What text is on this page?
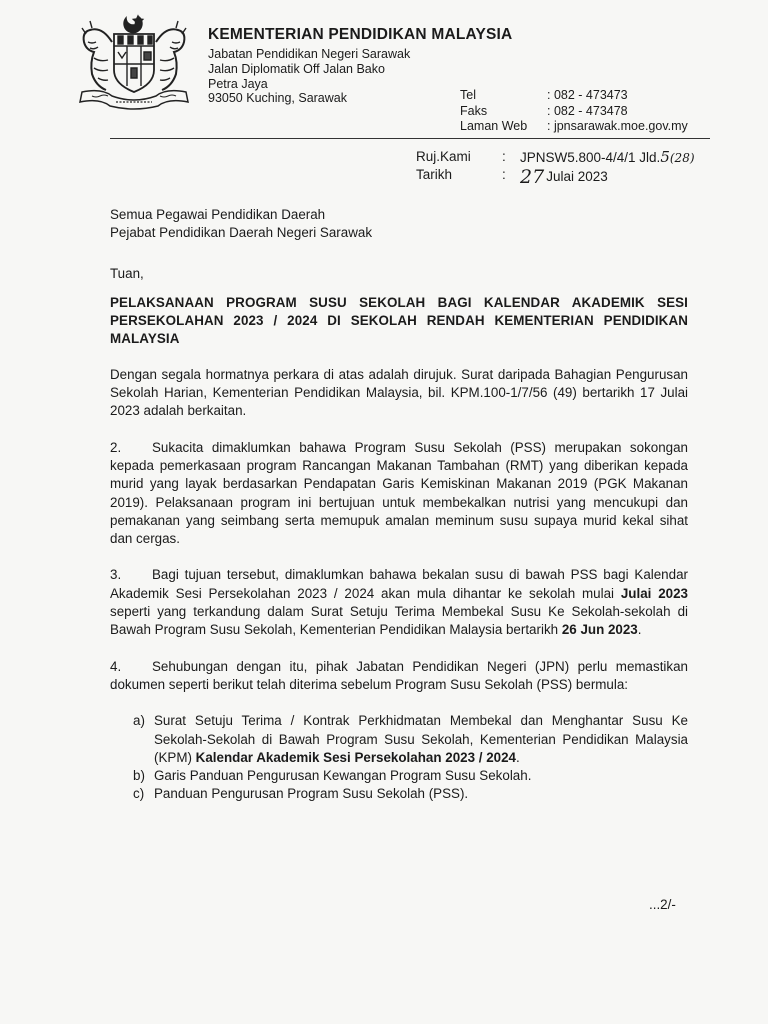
KEMENTERIAN PENDIDIKAN MALAYSIA
Jabatan Pendidikan Negeri Sarawak
Jalan Diplomatik Off Jalan Bako
Petra Jaya
93050 Kuching, Sarawak	Tel	: 082 - 473473
Faks	: 082 - 473478
Laman Web	: jpnsarawak.moe.gov.my
Ruj.Kami	:	JPNSW5.800-4/4/1 Jld.5(28)
Tarikh	: 27 Julai 2023

Semua Pegawai Pendidikan Daerah
Pejabat Pendidikan Daerah Negeri Sarawak

Tuan,

PELAKSANAAN PROGRAM SUSU SEKOLAH BAGI KALENDAR AKADEMIK SESI PERSEKOLAHAN 2023 / 2024 DI SEKOLAH RENDAH KEMENTERIAN PENDIDIKAN MALAYSIA

Dengan segala hormatnya perkara di atas adalah dirujuk. Surat daripada Bahagian Pengurusan Sekolah Harian, Kementerian Pendidikan Malaysia, bil. KPM.100-1/7/56 (49) bertarikh 17 Julai 2023 adalah berkaitan.

2. Sukacita dimaklumkan bahawa Program Susu Sekolah (PSS) merupakan sokongan kepada pemerkasaan program Rancangan Makanan Tambahan (RMT) yang diberikan kepada murid yang layak berdasarkan Pendapatan Garis Kemiskinan Makanan 2019 (PGK Makanan 2019). Pelaksanaan program ini bertujuan untuk membekalkan nutrisi yang mencukupi dan pemakanan yang seimbang serta memupuk amalan meminum susu supaya murid kekal sihat dan cergas.

3. Bagi tujuan tersebut, dimaklumkan bahawa bekalan susu di bawah PSS bagi Kalendar Akademik Sesi Persekolahan 2023 / 2024 akan mula dihantar ke sekolah mulai Julai 2023 seperti yang terkandung dalam Surat Setuju Terima Membekal Susu Ke Sekolah-sekolah di Bawah Program Susu Sekolah, Kementerian Pendidikan Malaysia bertarikh 26 Jun 2023.

4. Sehubungan dengan itu, pihak Jabatan Pendidikan Negeri (JPN) perlu memastikan dokumen seperti berikut telah diterima sebelum Program Susu Sekolah (PSS) bermula:

a) Surat Setuju Terima / Kontrak Perkhidmatan Membekal dan Menghantar Susu Ke Sekolah-Sekolah di Bawah Program Susu Sekolah, Kementerian Pendidikan Malaysia (KPM) Kalendar Akademik Sesi Persekolahan 2023 / 2024.
b) Garis Panduan Pengurusan Kewangan Program Susu Sekolah.
c) Panduan Pengurusan Program Susu Sekolah (PSS).
...2/-
